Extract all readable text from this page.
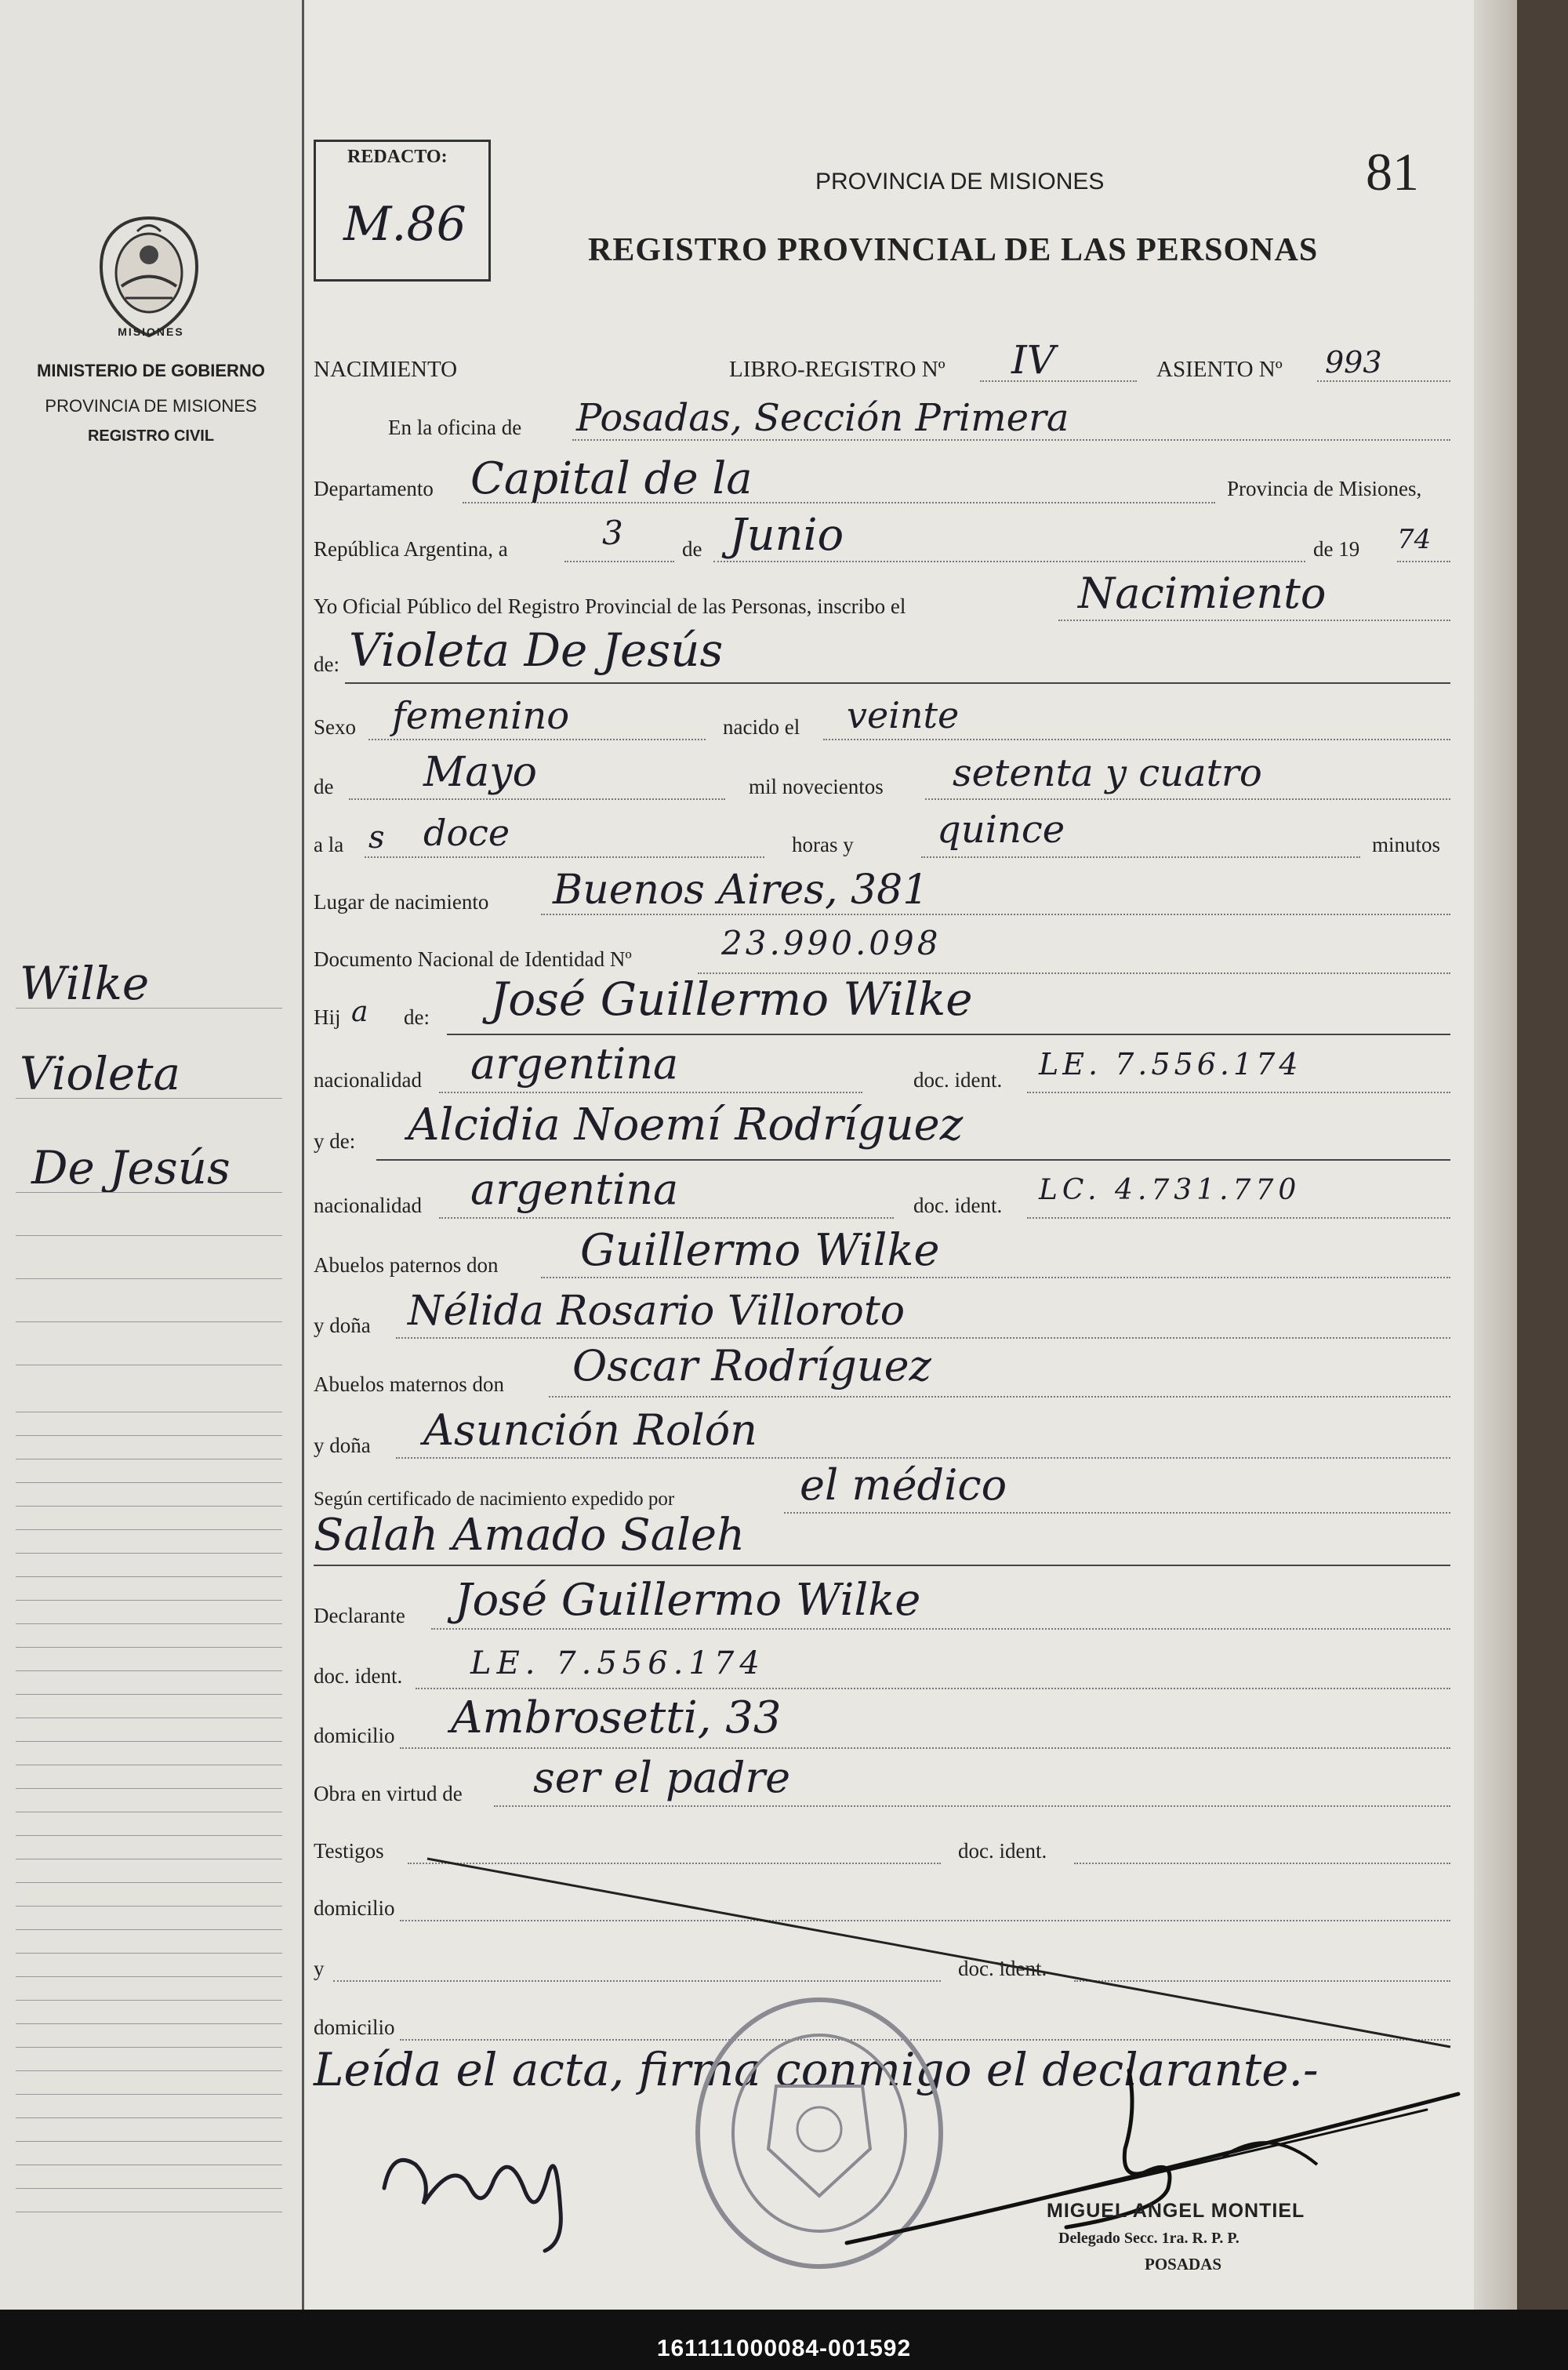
MISIONES
MINISTERIO DE GOBIERNO
PROVINCIA DE MISIONES
REGISTRO CIVIL
Wilke
Violeta
De Jesús
REDACTO:
M.86
PROVINCIA DE MISIONES	81
REGISTRO PROVINCIAL DE LAS PERSONAS
NACIMIENTO	LIBRO-REGISTRO Nº IV	ASIENTO Nº 993
En la oficina de Posadas, Sección Primera
Departamento Capital de la	Provincia de Misiones,
República Argentina, a	3	de Junio	de 19 74
Yo Oficial Público del Registro Provincial de las Personas, inscribo el	Nacimiento
de: Violeta De Jesús
Sexo femenino	nacido el veinte
de Mayo	mil novecientos setenta y cuatro
a la s doce	horas y quince	minutos
Lugar de nacimiento Buenos Aires, 381
Documento Nacional de Identidad Nº	23.990.098
Hij a de: José Guillermo Wilke
nacionalidad argentina	doc. ident. LE. 7.556.174
y de: Alcidia Noemí Rodríguez
nacionalidad argentina	doc. ident. LC. 4.731.770
Abuelos paternos don Guillermo Wilke
y doña Nélida Rosario Villoroto
Abuelos maternos don Oscar Rodríguez
y doña Asunción Rolón
Según certificado de nacimiento expedido por	el médico
Salah Amado Saleh
Declarante José Guillermo Wilke
doc. ident. LE. 7.556.174
domicilio Ambrosetti, 33
Obra en virtud de ser el padre
Testigos	doc. ident.
domicilio
y	doc. ident.
domicilio
Leída el acta, firma conmigo el declarante.-
MIGUEL ANGEL MONTIEL
Delegado Secc. 1ra. R. P. P.
POSADAS
161111000084-001592
